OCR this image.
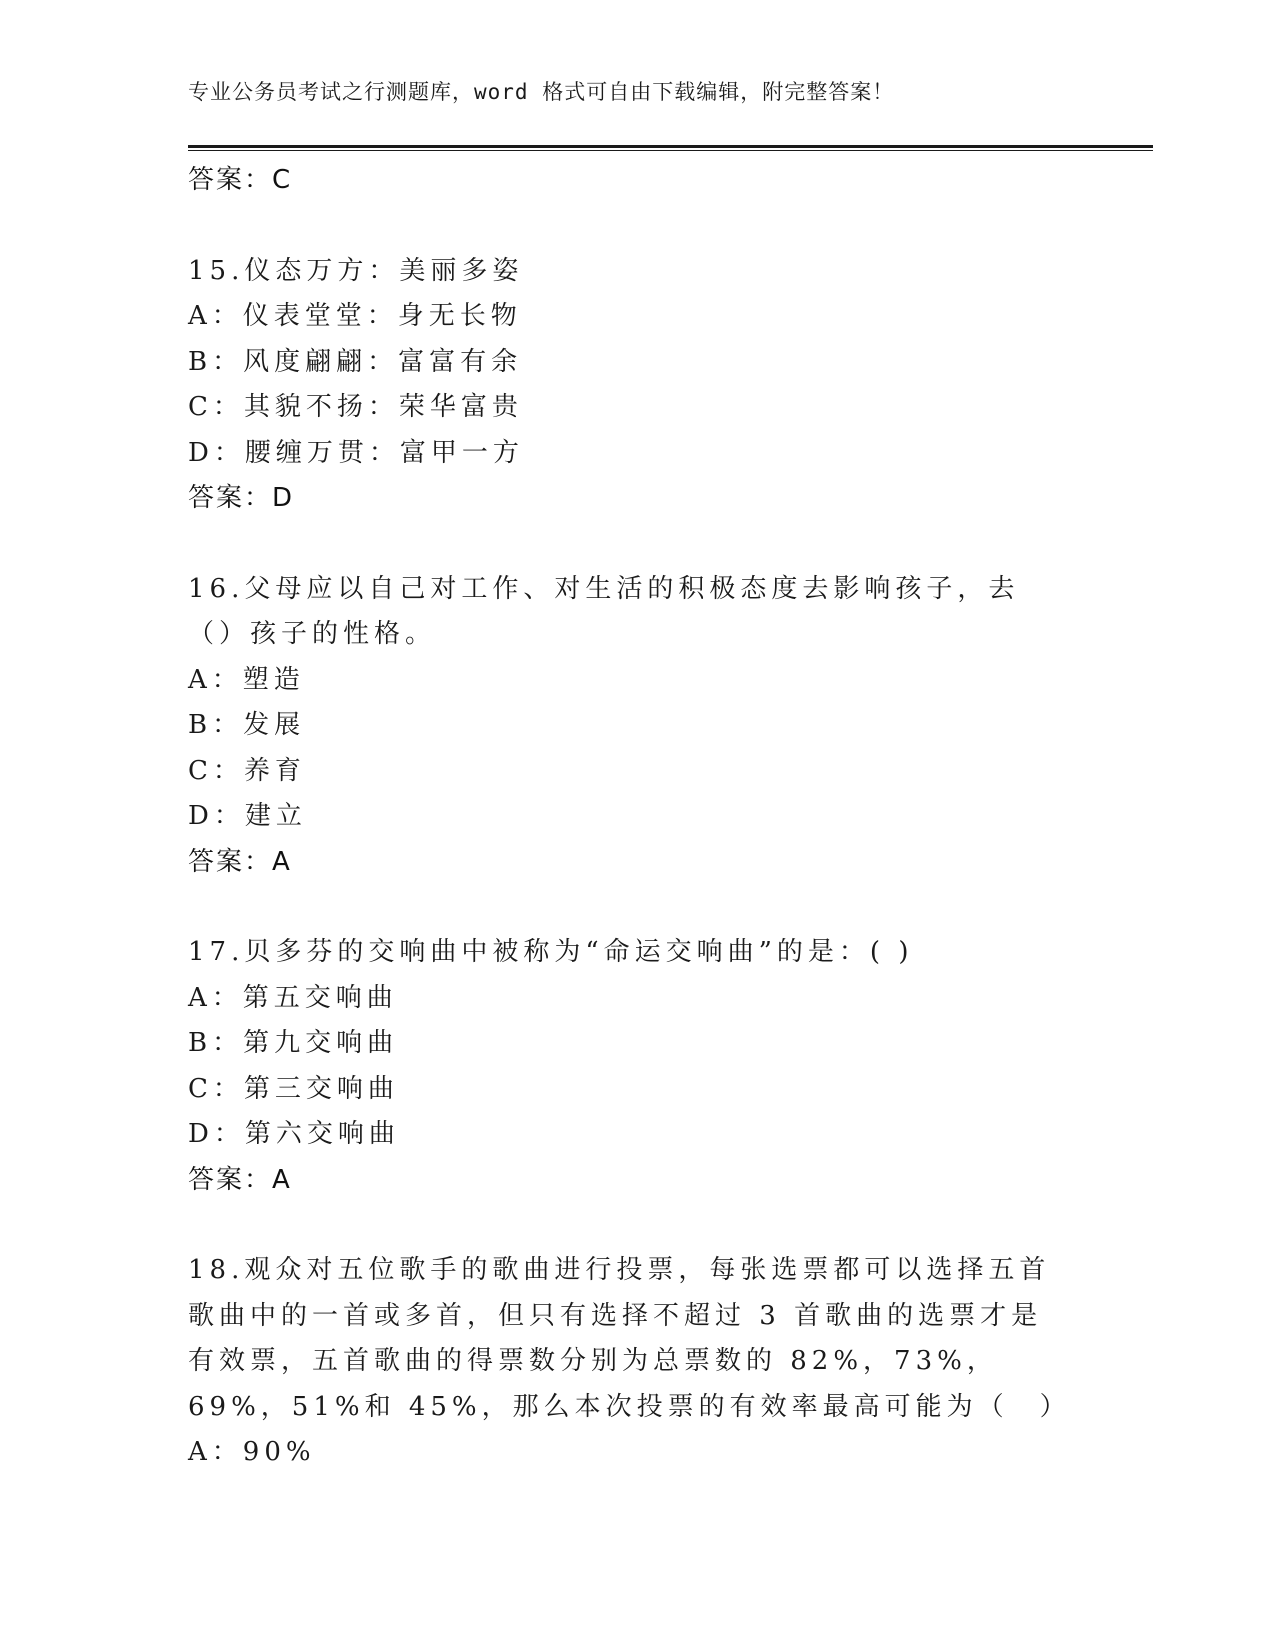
专业公务员考试之行测题库，word 格式可自由下载编辑，附完整答案！
答案：C
15.仪态万方：美丽多姿
A：仪表堂堂：身无长物
B：风度翩翩：富富有余
C：其貌不扬：荣华富贵
D：腰缠万贯：富甲一方
答案：D
16.父母应以自己对工作、对生活的积极态度去影响孩子，去（）孩子的性格。
A：塑造
B：发展
C：养育
D：建立
答案：A
17.贝多芬的交响曲中被称为“命运交响曲”的是：( )
A：第五交响曲
B：第九交响曲
C：第三交响曲
D：第六交响曲
答案：A
18.观众对五位歌手的歌曲进行投票，每张选票都可以选择五首歌曲中的一首或多首，但只有选择不超过 3 首歌曲的选票才是有效票，五首歌曲的得票数分别为总票数的 82%，73%，69%，51%和 45%，那么本次投票的有效率最高可能为（　）
A：90%
